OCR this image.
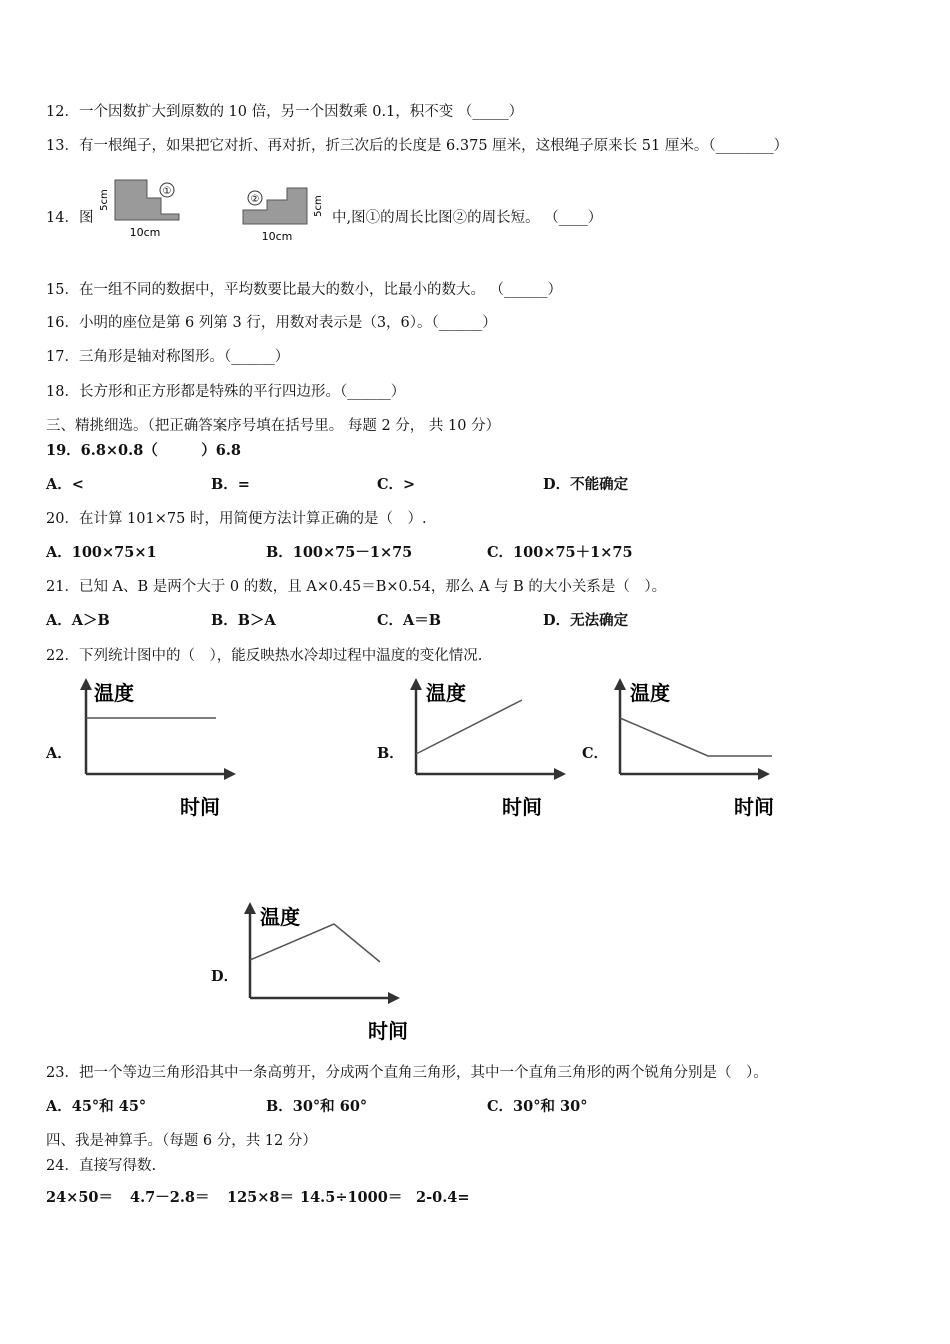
12．一个因数扩大到原数的 10 倍，另一个因数乘 0.1，积不变 （_____）
13．有一根绳子，如果把它对折、再对折，折三次后的长度是 6.375 厘米，这根绳子原来长 51 厘米。（________）
14．图
①
5cm
10cm
②	5cm
10cm
中,图①的周长比图②的周长短。 （____）
15．在一组不同的数据中，平均数要比最大的数小，比最小的数大。 （______）
16．小明的座位是第 6 列第 3 行，用数对表示是（3，6）。（______）
17．三角形是轴对称图形。（______）
18．长方形和正方形都是特殊的平行四边形。（______）
三、精挑细选。（把正确答案序号填在括号里。 每题 2 分， 共 10 分）
19．6.8×0.8（　　　）6.8
A．<	B．=	C．>	D．不能确定
20．在计算 101×75 时，用简便方法计算正确的是（　）.
A．100×75×1	B．100×75－1×75	C．100×75＋1×75
21．已知 A、B 是两个大于 0 的数，且 A×0.45＝B×0.54，那么 A 与 B 的大小关系是（　）。
A．A＞B	B．B＞A	C．A＝B	D．无法确定
22．下列统计图中的（　），能反映热水冷却过程中温度的变化情况.
A．
温度
时间
B．
温度
时间
C．
温度
时间
D．
温度
时间
23．把一个等边三角形沿其中一条高剪开，分成两个直角三角形，其中一个直角三角形的两个锐角分别是（　）。
A．45°和 45°	B．30°和 60°	C．30°和 30°
四、我是神算手。（每题 6 分，共 12 分）
24．直接写得数.
24×50＝ 4.7－2.8＝ 125×8＝ 14.5÷1000＝ 2-0.4=
